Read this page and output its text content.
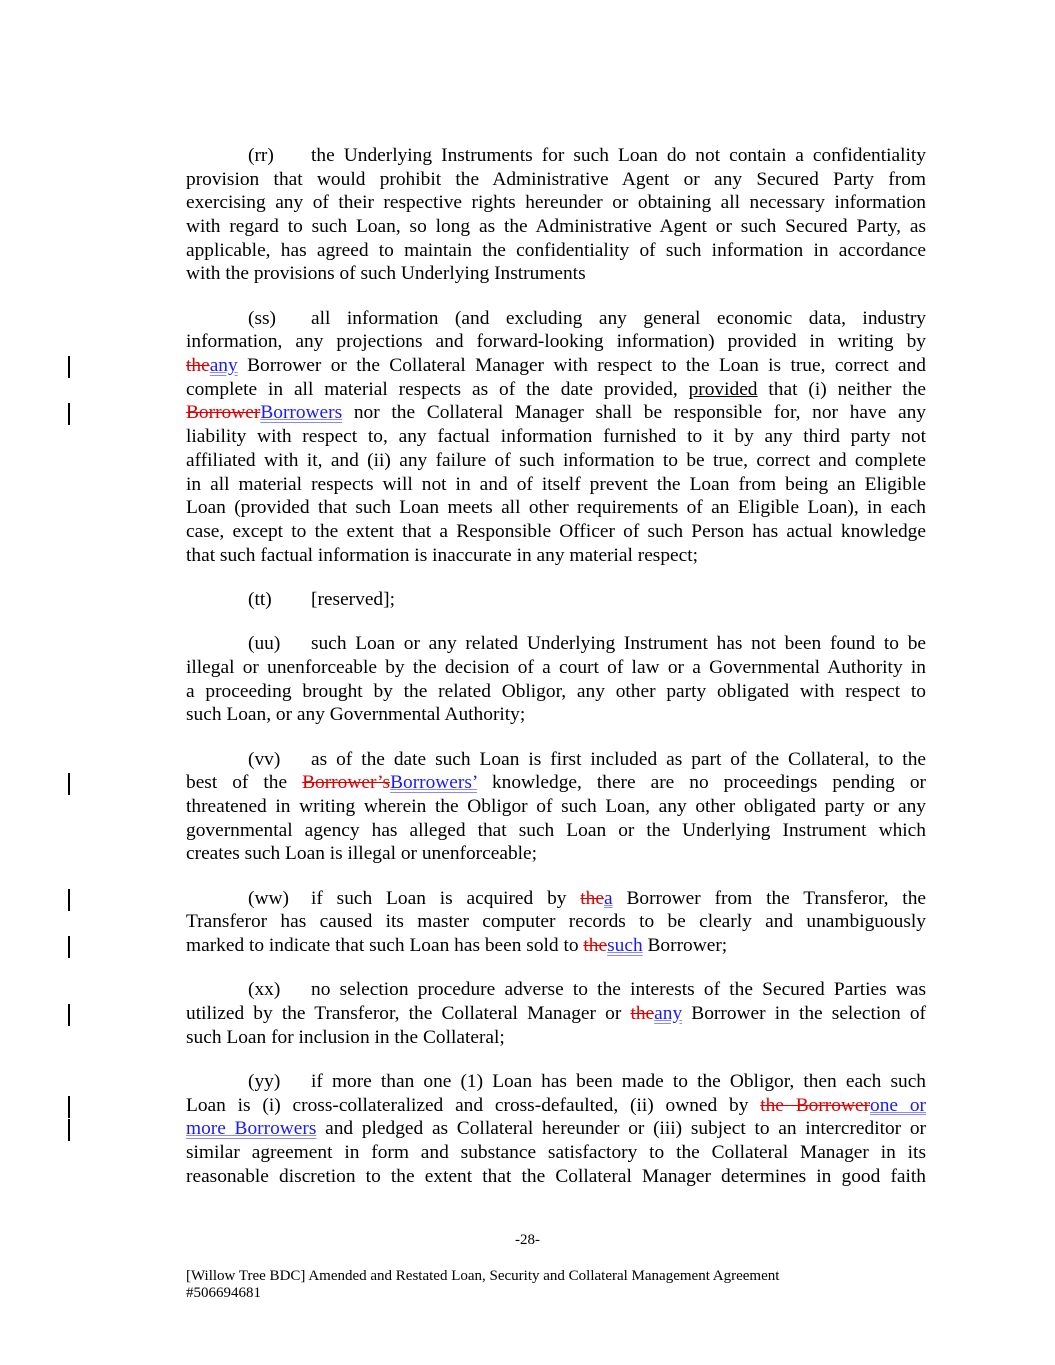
(rr) the Underlying Instruments for such Loan do not contain a confidentiality
provision that would prohibit the Administrative Agent or any Secured Party from
exercising any of their respective rights hereunder or obtaining all necessary information
with regard to such Loan, so long as the Administrative Agent or such Secured Party, as
applicable, has agreed to maintain the confidentiality of such information in accordance
with the provisions of such Underlying Instruments
(ss) all information (and excluding any general economic data, industry
information, any projections and forward-looking information) provided in writing by
theany Borrower or the Collateral Manager with respect to the Loan is true, correct and
complete in all material respects as of the date provided, provided that (i) neither the
BorrowerBorrowers nor the Collateral Manager shall be responsible for, nor have any
liability with respect to, any factual information furnished to it by any third party not
affiliated with it, and (ii) any failure of such information to be true, correct and complete
in all material respects will not in and of itself prevent the Loan from being an Eligible
Loan (provided that such Loan meets all other requirements of an Eligible Loan), in each
case, except to the extent that a Responsible Officer of such Person has actual knowledge
that such factual information is inaccurate in any material respect;
(tt) [reserved];
(uu) such Loan or any related Underlying Instrument has not been found to be
illegal or unenforceable by the decision of a court of law or a Governmental Authority in
a proceeding brought by the related Obligor, any other party obligated with respect to
such Loan, or any Governmental Authority;
(vv) as of the date such Loan is first included as part of the Collateral, to the
best of the Borrower’sBorrowers’ knowledge, there are no proceedings pending or
threatened in writing wherein the Obligor of such Loan, any other obligated party or any
governmental agency has alleged that such Loan or the Underlying Instrument which
creates such Loan is illegal or unenforceable;
(ww) if such Loan is acquired by thea Borrower from the Transferor, the
Transferor has caused its master computer records to be clearly and unambiguously
marked to indicate that such Loan has been sold to thesuch Borrower;
(xx) no selection procedure adverse to the interests of the Secured Parties was
utilized by the Transferor, the Collateral Manager or theany Borrower in the selection of
such Loan for inclusion in the Collateral;
(yy) if more than one (1) Loan has been made to the Obligor, then each such
Loan is (i) cross-collateralized and cross-defaulted, (ii) owned by the Borrowerone or
more Borrowers and pledged as Collateral hereunder or (iii) subject to an intercreditor or
similar agreement in form and substance satisfactory to the Collateral Manager in its
reasonable discretion to the extent that the Collateral Manager determines in good faith
-28-
[Willow Tree BDC] Amended and Restated Loan, Security and Collateral Management Agreement
#506694681
